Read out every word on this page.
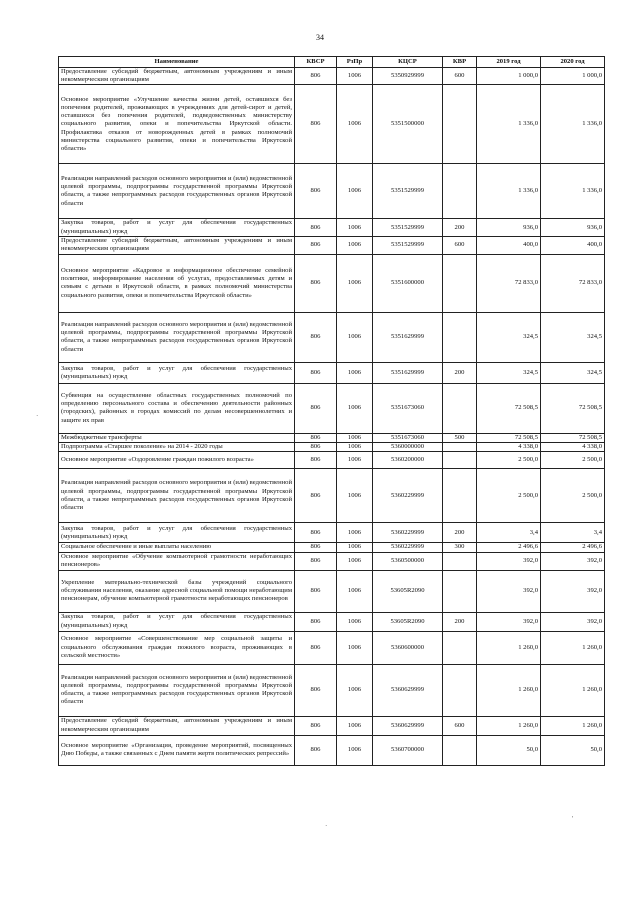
34
Наименование	КВСР	РзПр	КЦСР	КВР	2019 год	2020 год
Предоставление субсидий бюджетным, автономным учреждениям и иным некоммерческим организациям	806	1006	5350929999	600	1 000,0	1 000,0
Основное мероприятие «Улучшение качества жизни детей, оставшихся без попечения родителей, проживающих в учреждениях для детей-сирот и детей, оставшихся без попечения родителей, подведомственных министерству социального развития, опеки и попечительства Иркутской области. Профилактика отказов от новорожденных детей в рамках полномочий министерства социального развития, опеки и попечительства Иркутской области»	806	1006	5351500000		1 336,0	1 336,0
Реализация направлений расходов основного мероприятия и (или) ведомственной целевой программы, подпрограммы государственной программы Иркутской области, а также непрограммных расходов государственных органов Иркутской области	806	1006	5351529999		1 336,0	1 336,0
Закупка товаров, работ и услуг для обеспечения государственных (муниципальных) нужд	806	1006	5351529999	200	936,0	936,0
Предоставление субсидий бюджетным, автономным учреждениям и иным некоммерческим организациям	806	1006	5351529999	600	400,0	400,0
Основное мероприятие «Кадровое и информационное обеспечение семейной политики, информирование населения об услугах, предоставляемых детям и семьям с детьми в Иркутской области, в рамках полномочий министерства социального развития, опеки и попечительства Иркутской области»	806	1006	5351600000		72 833,0	72 833,0
Реализация направлений расходов основного мероприятия и (или) ведомственной целевой программы, подпрограммы государственной программы Иркутской области, а также непрограммных расходов государственных органов Иркутской области	806	1006	5351629999		324,5	324,5
Закупка товаров, работ и услуг для обеспечения государственных (муниципальных) нужд	806	1006	5351629999	200	324,5	324,5
Субвенция на осуществление областных государственных полномочий по определению персонального состава и обеспечению деятельности районных (городских), районных в городах комиссий по делам несовершеннолетних и защите их прав	806	1006	5351673060		72 508,5	72 508,5
Межбюджетные трансферты	806	1006	5351673060	500	72 508,5	72 508,5
Подпрограмма «Старшее поколение» на 2014 - 2020 годы	806	1006	5360000000		4 338,0	4 338,0
Основное мероприятие «Оздоровление граждан пожилого возраста»	806	1006	5360200000		2 500,0	2 500,0
Реализация направлений расходов основного мероприятия и (или) ведомственной целевой программы, подпрограммы государственной программы Иркутской области, а также непрограммных расходов государственных органов Иркутской области	806	1006	5360229999		2 500,0	2 500,0
Закупка товаров, работ и услуг для обеспечения государственных (муниципальных) нужд	806	1006	5360229999	200	3,4	3,4
Социальное обеспечение и иные выплаты населению	806	1006	5360229999	300	2 496,6	2 496,6
Основное мероприятие «Обучение компьютерной грамотности неработающих пенсионеров»	806	1006	5360500000		392,0	392,0
Укрепление материально-технической базы учреждений социального обслуживания населения, оказание адресной социальной помощи неработающим пенсионерам, обучение компьютерной грамотности неработающих пенсионеров	806	1006	53605R2090		392,0	392,0
Закупка товаров, работ и услуг для обеспечения государственных (муниципальных) нужд	806	1006	53605R2090	200	392,0	392,0
Основное мероприятие «Совершенствование мер социальной защиты и социального обслуживания граждан пожилого возраста, проживающих в сельской местности»	806	1006	5360600000		1 260,0	1 260,0
Реализация направлений расходов основного мероприятия и (или) ведомственной целевой программы, подпрограммы государственной программы Иркутской области, а также непрограммных расходов государственных органов Иркутской области	806	1006	5360629999		1 260,0	1 260,0
Предоставление субсидий бюджетным, автономным учреждениям и иным некоммерческим организациям	806	1006	5360629999	600	1 260,0	1 260,0
Основное мероприятие «Организация, проведение мероприятий, посвященных Дню Победы, а также связанных с Днем памяти жертв политических репрессий»	806	1006	5360700000		50,0	50,0
·
·
'
